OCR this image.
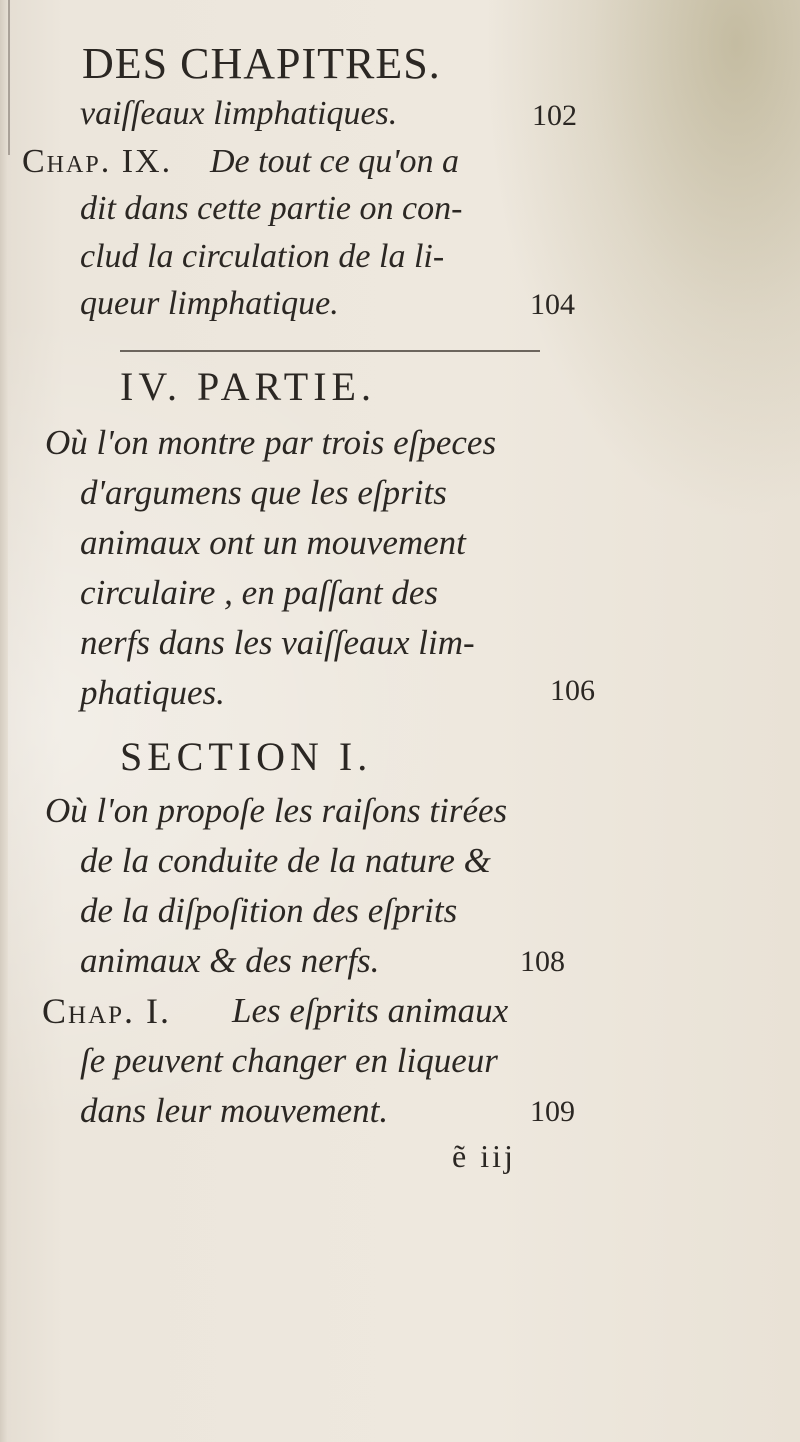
DES CHAPITRES.
vaiſſeaux limphatiques.	102
Chap. IX. De tout ce qu'on a
dit dans cette partie on con-
clud la circulation de la li-
queur limphatique.	104
IV. PARTIE.
Où l'on montre par trois eſpeces
d'argumens que les eſprits
animaux ont un mouvement
circulaire , en paſſant des
nerfs dans les vaiſſeaux lim-
phatiques.	106
SECTION I.
Où l'on propoſe les raiſons tirées
de la conduite de la nature &
de la diſpoſition des eſprits
animaux & des nerfs.	108
Chap. I. Les eſprits animaux
ſe peuvent changer en liqueur
dans leur mouvement.	109
ẽ iij
